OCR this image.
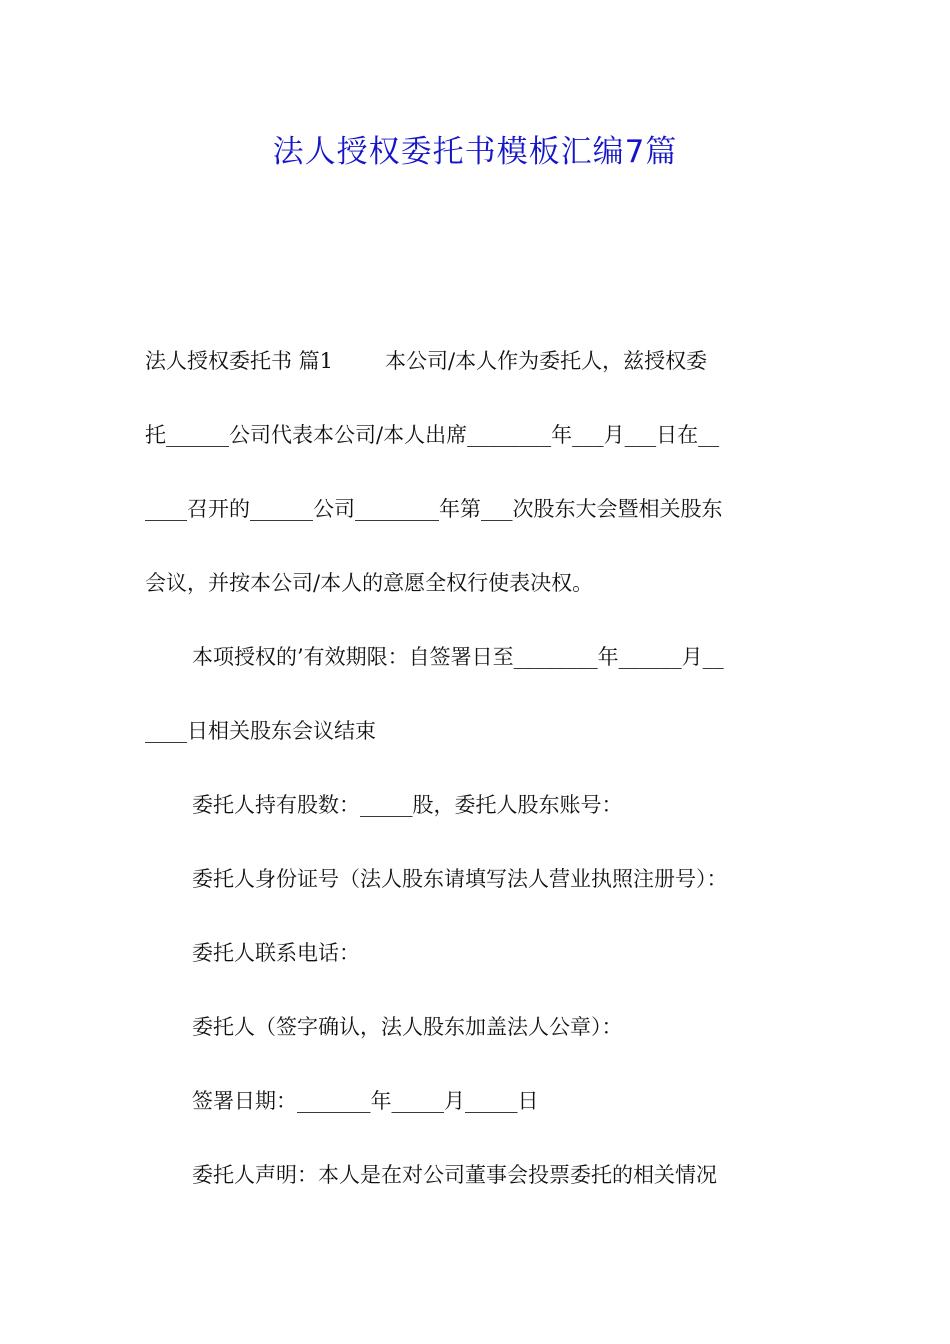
法人授权委托书模板汇编7篇
法人授权委托书 篇1 本公司/本人作为委托人，兹授权委
托______公司代表本公司/本人出席________年___月___日在__
____召开的______公司________年第___次股东大会暨相关股东
会议，并按本公司/本人的意愿全权行使表决权。
本项授权的’有效期限：自签署日至________年______月__
____日相关股东会议结束
委托人持有股数：_____股，委托人股东账号：
委托人身份证号（法人股东请填写法人营业执照注册号）：
委托人联系电话：
委托人（签字确认，法人股东加盖法人公章）：
签署日期：_______年_____月_____日
委托人声明：本人是在对公司董事会投票委托的相关情况
